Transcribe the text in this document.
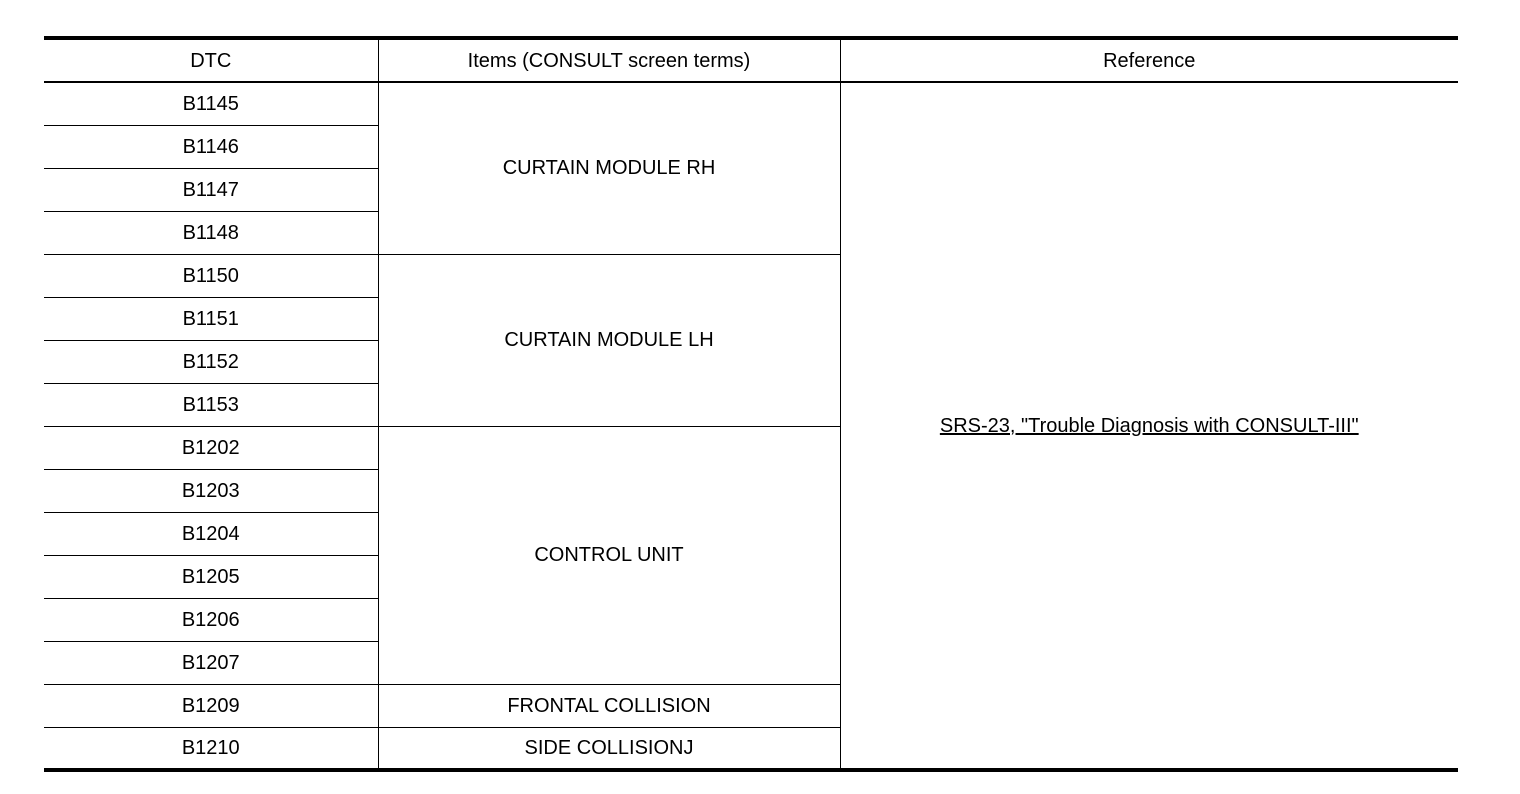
DTC	Items (CONSULT screen terms)	Reference
B1145	CURTAIN MODULE RH	SRS-23, "Trouble Diagnosis with CONSULT-III"
B1146		
B1147		
B1148		
B1150	CURTAIN MODULE LH	
B1151		
B1152		
B1153		
B1202	CONTROL UNIT	
B1203		
B1204		
B1205		
B1206		
B1207		
B1209	FRONTAL COLLISION	
B1210	SIDE COLLISIONJ	
